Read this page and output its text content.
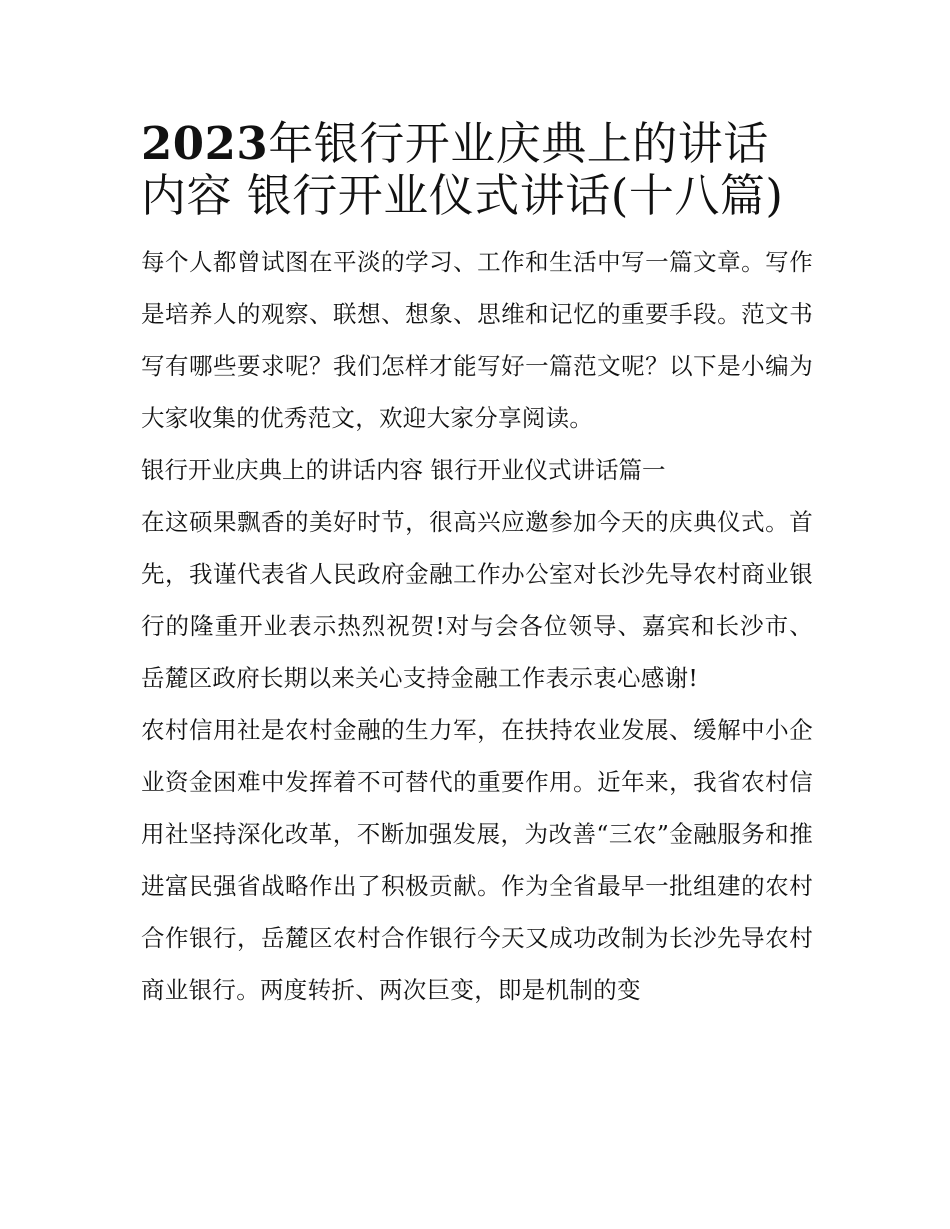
2023年银行开业庆典上的讲话内容 银行开业仪式讲话(十八篇)

每个人都曾试图在平淡的学习、工作和生活中写一篇文章。写作是培养人的观察、联想、想象、思维和记忆的重要手段。范文书写有哪些要求呢？我们怎样才能写好一篇范文呢？以下是小编为大家收集的优秀范文，欢迎大家分享阅读。

银行开业庆典上的讲话内容 银行开业仪式讲话篇一

在这硕果飘香的美好时节，很高兴应邀参加今天的庆典仪式。首先，我谨代表省人民政府金融工作办公室对长沙先导农村商业银行的隆重开业表示热烈祝贺!对与会各位领导、嘉宾和长沙市、岳麓区政府长期以来关心支持金融工作表示衷心感谢!

农村信用社是农村金融的生力军，在扶持农业发展、缓解中小企业资金困难中发挥着不可替代的重要作用。近年来，我省农村信用社坚持深化改革，不断加强发展，为改善“三农”金融服务和推进富民强省战略作出了积极贡献。作为全省最早一批组建的农村合作银行，岳麓区农村合作银行今天又成功改制为长沙先导农村商业银行。两度转折、两次巨变，即是机制的变
